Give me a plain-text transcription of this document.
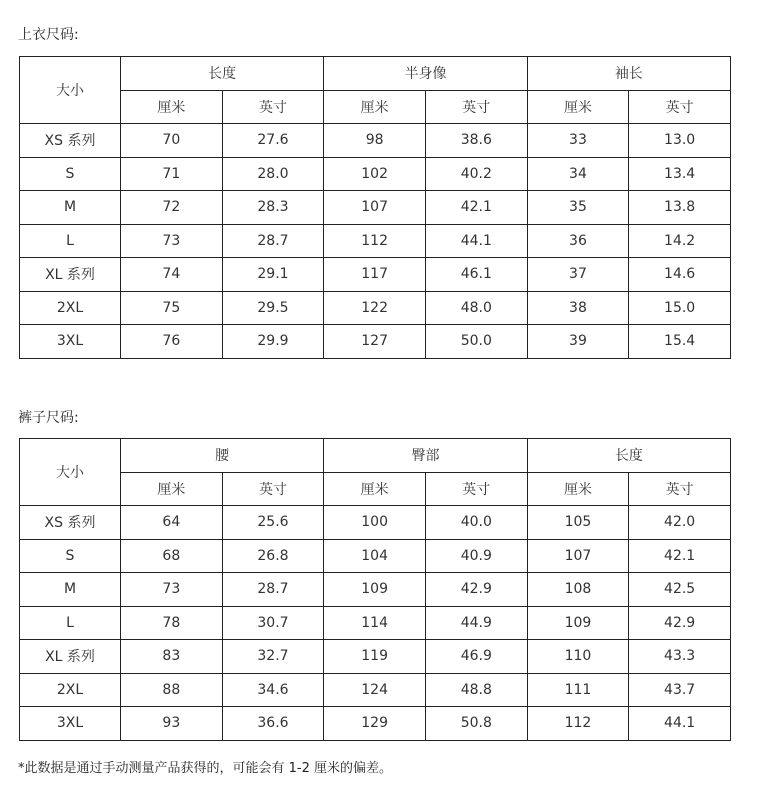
上衣尺码:
大小	长度		半身像		袖长	
	厘米	英寸	厘米	英寸	厘米	英寸
XS 系列	70	27.6	98	38.6	33	13.0
S	71	28.0	102	40.2	34	13.4
M	72	28.3	107	42.1	35	13.8
L	73	28.7	112	44.1	36	14.2
XL 系列	74	29.1	117	46.1	37	14.6
2XL	75	29.5	122	48.0	38	15.0
3XL	76	29.9	127	50.0	39	15.4
裤子尺码:
大小	腰		臀部		长度	
	厘米	英寸	厘米	英寸	厘米	英寸
XS 系列	64	25.6	100	40.0	105	42.0
S	68	26.8	104	40.9	107	42.1
M	73	28.7	109	42.9	108	42.5
L	78	30.7	114	44.9	109	42.9
XL 系列	83	32.7	119	46.9	110	43.3
2XL	88	34.6	124	48.8	111	43.7
3XL	93	36.6	129	50.8	112	44.1
*此数据是通过手动测量产品获得的，可能会有 1-2 厘米的偏差。
